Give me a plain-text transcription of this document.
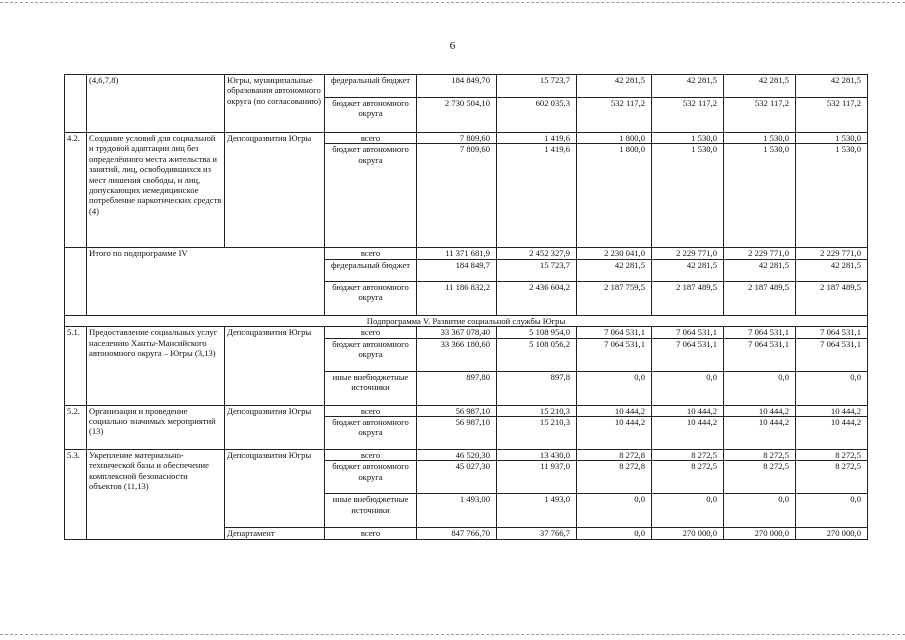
6
	(4,6,7,8)	Югры, муниципальные образования автономного округа (по согласованию)	федеральный бюджет	184 849,70	15 723,7	42 281,5	42 281,5	42 281,5	42 281,5
			бюджет автономного округа	2 730 504,10	602 035,3	532 117,2	532 117,2	532 117,2	532 117,2
4.2.	Создание условий для социальной и трудовой адаптации лиц без определённого места жительства и занятий, лиц, освободившихся из мест лишения свободы, и лиц, допускающих немедицинское потребление наркотических средств (4)	Депсоцразвития Югры	всего	7 809,60	1 419,6	1 800,0	1 530,0	1 530,0	1 530,0
			бюджет автономного округа	7 809,60	1 419,6	1 800,0	1 530,0	1 530,0	1 530,0
	Итого по подпрограмме IV		всего	11 371 681,9	2 452 327,9	2 230 041,0	2 229 771,0	2 229 771,0	2 229 771,0
			федеральный бюджет	184 849,7	15 723,7	42 281,5	42 281,5	42 281,5	42 281,5
			бюджет автономного округа	11 186 832,2	2 436 604,2	2 187 759,5	2 187 489,5	2 187 489,5	2 187 489,5
Подпрограмма V. Развитие социальной службы Югры									
5.1.	Предоставление социальных услуг населению Ханты-Мансийского автономного округа – Югры (3,13)	Депсоцразвития Югры	всего	33 367 078,40	5 108 954,0	7 064 531,1	7 064 531,1	7 064 531,1	7 064 531,1
			бюджет автономного округа	33 366 180,60	5 108 056,2	7 064 531,1	7 064 531,1	7 064 531,1	7 064 531,1
			иные внебюджетные источники	897,80	897,8	0,0	0,0	0,0	0,0
5.2.	Организация и проведение социально значимых мероприятий (13)	Депсоцразвития Югры	всего	56 987,10	15 210,3	10 444,2	10 444,2	10 444,2	10 444,2
			бюджет автономного округа	56 987,10	15 210,3	10 444,2	10 444,2	10 444,2	10 444,2
5.3.	Укрепление материально-технической базы и обеспечение комплексной безопасности объектов (11,13)	Депсоцразвития Югры	всего	46 520,30	13 430,0	8 272,8	8 272,5	8 272,5	8 272,5
			бюджет автономного округа	45 027,30	11 937,0	8 272,8	8 272,5	8 272,5	8 272,5
			иные внебюджетные источники	1 493,00	1 493,0	0,0	0,0	0,0	0,0
		Департамент	всего	847 766,70	37 766,7	0,0	270 000,0	270 000,0	270 000,0
